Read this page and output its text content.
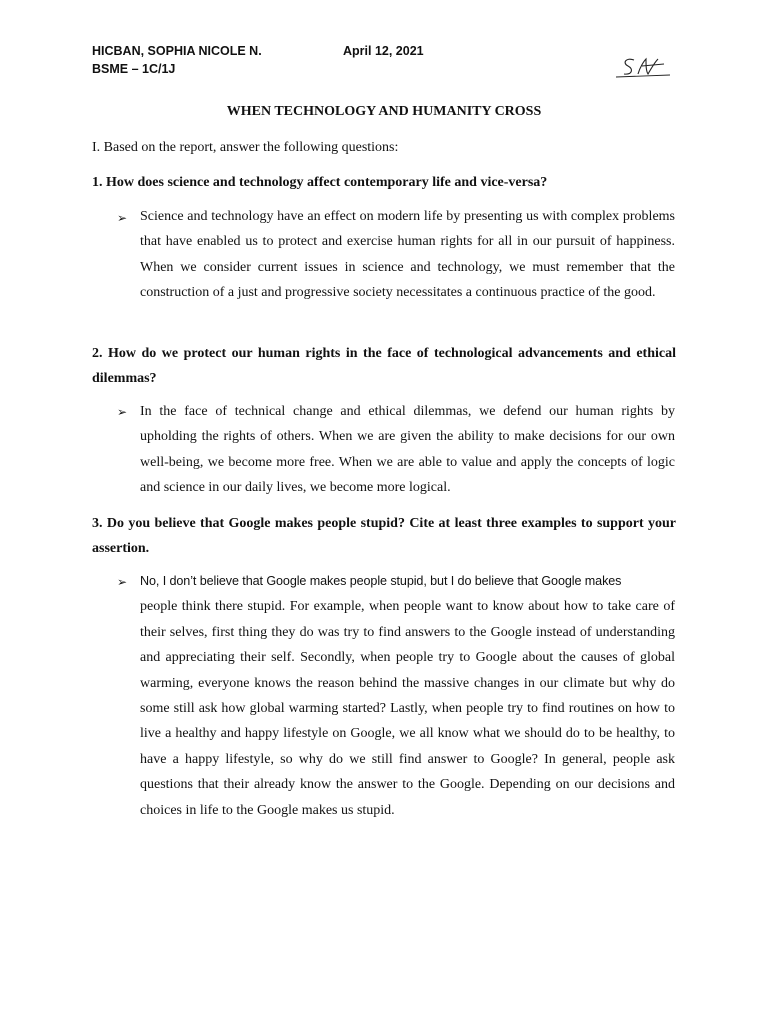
HICBAN, SOPHIA NICOLE N.
BSME – 1C/1J
April 12, 2021
WHEN TECHNOLOGY AND HUMANITY CROSS
I. Based on the report, answer the following questions:
1. How does science and technology affect contemporary life and vice-versa?
➢ Science and technology have an effect on modern life by presenting us with complex problems that have enabled us to protect and exercise human rights for all in our pursuit of happiness. When we consider current issues in science and technology, we must remember that the construction of a just and progressive society necessitates a continuous practice of the good.
2. How do we protect our human rights in the face of technological advancements and ethical dilemmas?
➢ In the face of technical change and ethical dilemmas, we defend our human rights by upholding the rights of others. When we are given the ability to make decisions for our own well-being, we become more free. When we are able to value and apply the concepts of logic and science in our daily lives, we become more logical.
3. Do you believe that Google makes people stupid? Cite at least three examples to support your assertion.
➢ No, I don’t believe that Google makes people stupid, but I do believe that Google makes
people think there stupid. For example, when people want to know about how to take care of their selves, first thing they do was try to find answers to the Google instead of understanding and appreciating their self. Secondly, when people try to Google about the causes of global warming, everyone knows the reason behind the massive changes in our climate but why do some still ask how global warming started? Lastly, when people try to find routines on how to live a healthy and happy lifestyle on Google, we all know what we should do to be healthy, to have a happy lifestyle, so why do we still find answer to Google? In general, people ask questions that their already know the answer to the Google. Depending on our decisions and choices in life to the Google makes us stupid.
